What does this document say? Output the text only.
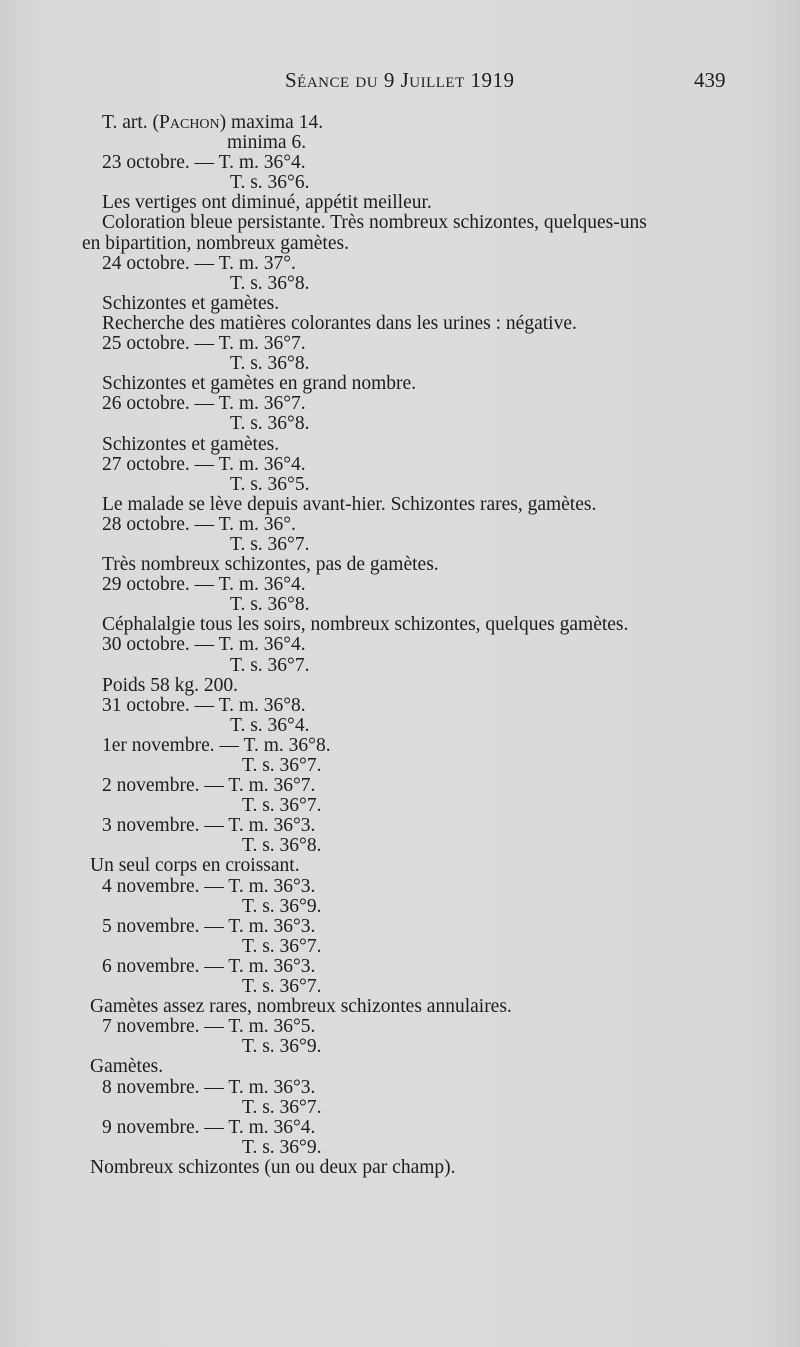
Séance du 9 Juillet 1919	439
T. art. (Pachon) maxima 14.
minima 6.
23 octobre. — T. m. 36°4.
T. s. 36°6.
Les vertiges ont diminué, appétit meilleur.
Coloration bleue persistante. Très nombreux schizontes, quelques-uns
en bipartition, nombreux gamètes.
24 octobre. — T. m. 37°.
T. s. 36°8.
Schizontes et gamètes.
Recherche des matières colorantes dans les urines : négative.
25 octobre. — T. m. 36°7.
T. s. 36°8.
Schizontes et gamètes en grand nombre.
26 octobre. — T. m. 36°7.
T. s. 36°8.
Schizontes et gamètes.
27 octobre. — T. m. 36°4.
T. s. 36°5.
Le malade se lève depuis avant-hier. Schizontes rares, gamètes.
28 octobre. — T. m. 36°.
T. s. 36°7.
Très nombreux schizontes, pas de gamètes.
29 octobre. — T. m. 36°4.
T. s. 36°8.
Céphalalgie tous les soirs, nombreux schizontes, quelques gamètes.
30 octobre. — T. m. 36°4.
T. s. 36°7.
Poids 58 kg. 200.
31 octobre. — T. m. 36°8.
T. s. 36°4.
1er novembre. — T. m. 36°8.
T. s. 36°7.
2 novembre. — T. m. 36°7.
T. s. 36°7.
3 novembre. — T. m. 36°3.
T. s. 36°8.
Un seul corps en croissant.
4 novembre. — T. m. 36°3.
T. s. 36°9.
5 novembre. — T. m. 36°3.
T. s. 36°7.
6 novembre. — T. m. 36°3.
T. s. 36°7.
Gamètes assez rares, nombreux schizontes annulaires.
7 novembre. — T. m. 36°5.
T. s. 36°9.
Gamètes.
8 novembre. — T. m. 36°3.
T. s. 36°7.
9 novembre. — T. m. 36°4.
T. s. 36°9.
Nombreux schizontes (un ou deux par champ).
